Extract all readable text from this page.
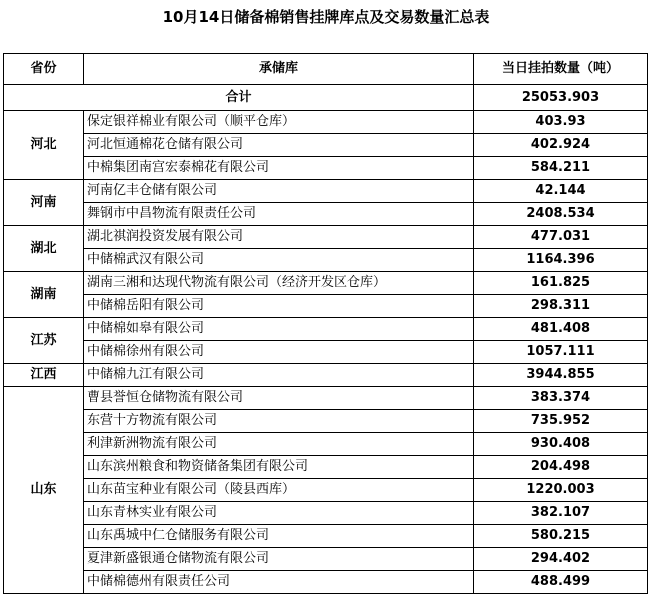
10月14日储备棉销售挂牌库点及交易数量汇总表
省份	承储库	当日挂拍数量（吨）
合计		25053.903
河北	保定银祥棉业有限公司（顺平仓库）	403.93
	河北恒通棉花仓储有限公司	402.924
	中棉集团南宫宏泰棉花有限公司	584.211
河南	河南亿丰仓储有限公司	42.144
	舞钢市中昌物流有限责任公司	2408.534
湖北	湖北祺润投资发展有限公司	477.031
	中储棉武汉有限公司	1164.396
湖南	湖南三湘和达现代物流有限公司（经济开发区仓库）	161.825
	中储棉岳阳有限公司	298.311
江苏	中储棉如皋有限公司	481.408
	中储棉徐州有限公司	1057.111
江西	中储棉九江有限公司	3944.855
山东	曹县誉恒仓储物流有限公司	383.374
	东营十方物流有限公司	735.952
	利津新洲物流有限公司	930.408
	山东滨州粮食和物资储备集团有限公司	204.498
	山东苗宝种业有限公司（陵县西库）	1220.003
	山东青林实业有限公司	382.107
	山东禹城中仁仓储服务有限公司	580.215
	夏津新盛银通仓储物流有限公司	294.402
	中储棉德州有限责任公司	488.499
